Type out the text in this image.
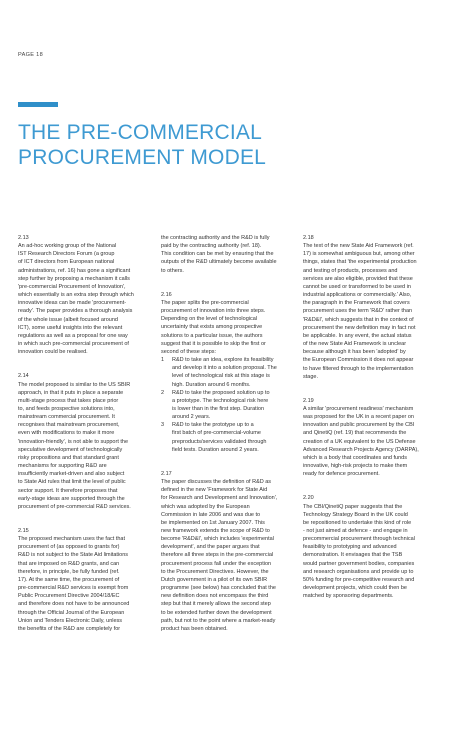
PAGE 18
THE PRE-COMMERCIAL
PROCUREMENT MODEL

2.13

An ad-hoc working group of the National
IST Research Directors Forum (a group
of ICT directors from European national
administrations, ref. 16) has gone a significant
step further by proposing a mechanism it calls
'pre-commercial Procurement of Innovation',
which essentially is an extra step through which
innovative ideas can be made 'procurement-
ready'. The paper provides a thorough analysis
of the whole issue (albeit focused around
ICT), some useful insights into the relevant
regulations as well as a proposal for one way
in which such pre-commercial procurement of
innovation could be realised.

2.14

The model proposed is similar to the US SBIR
approach, in that it puts in place a separate
multi-stage process that takes place prior
to, and feeds prospective solutions into,
mainstream commercial procurement. It
recognises that mainstream procurement,
even with modifications to make it more
'innovation-friendly', is not able to support the
speculative development of technologically
risky propositions and that standard grant
mechanisms for supporting R&D are
insufficiently market-driven and also subject
to State Aid rules that limit the level of public
sector support. It therefore proposes that
early-stage ideas are supported through the
procurement of pre-commercial R&D services.

2.15

The proposed mechanism uses the fact that
procurement of (as opposed to grants for)
R&D is not subject to the State Aid limitations
that are imposed on R&D grants, and can
therefore, in principle, be fully funded (ref.
17). At the same time, the procurement of
pre-commercial R&D services is exempt from
Public Procurement Directive 2004/18/EC
and therefore does not have to be announced
through the Official Journal of the European
Union and Tenders Electronic Daily, unless
the benefits of the R&D are completely for

the contracting authority and the R&D is fully
paid by the contracting authority (ref. 18).
This condition can be met by ensuring that the
outputs of the R&D ultimately become available
to others.

2.16

The paper splits the pre-commercial
procurement of innovation into three steps.
Depending on the level of technological
uncertainty that exists among prospective
solutions to a particular issue, the authors
suggest that it is possible to skip the first or
second of these steps:

1	R&D to take an idea, explore its feasibility
and develop it into a solution proposal. The
level of technological risk at this stage is
high. Duration around 6 months.
2	R&D to take the proposed solution up to
a prototype. The technological risk here
is lower than in the first step. Duration
around 2 years.
3	R&D to take the prototype up to a
first batch of pre-commercial-volume
preproducts/services validated through
field tests. Duration around 2 years.

2.17

The paper discusses the definition of R&D as
defined in the new 'Framework for State Aid
for Research and Development and Innovation',
which was adopted by the European
Commission in late 2006 and was due to
be implemented on 1st January 2007. This
new framework extends the scope of R&D to
become 'R&D&I', which includes 'experimental
development', and the paper argues that
therefore all three steps in the pre-commercial
procurement process fall under the exception
to the Procurement Directives. However, the
Dutch government in a pilot of its own SBIR
programme (see below) has concluded that the
new definition does not encompass the third
step but that it merely allows the second step
to be extended further down the development
path, but not to the point where a market-ready
product has been obtained.

2.18

The text of the new State Aid Framework (ref.
17) is somewhat ambiguous but, among other
things, states that 'the experimental production
and testing of products, processes and
services are also eligible, provided that these
cannot be used or transformed to be used in
industrial applications or commercially.' Also,
the paragraph in the Framework that covers
procurement uses the term 'R&D' rather than
'R&D&I', which suggests that in the context of
procurement the new definition may in fact not
be applicable. In any event, the actual status
of the new State Aid Framework is unclear
because although it has been 'adopted' by
the European Commission it does not appear
to have filtered through to the implementation
stage.

2.19

A similar 'procurement readiness' mechanism
was proposed for the UK in a recent paper on
innovation and public procurement by the CBI
and QinetiQ (ref. 19) that recommends the
creation of a UK equivalent to the US Defense
Advanced Research Projects Agency (DARPA),
which is a body that coordinates and funds
innovative, high-risk projects to make them
ready for defence procurement.

2.20

The CBI/QinetiQ paper suggests that the
Technology Strategy Board in the UK could
be repositioned to undertake this kind of role
- not just aimed at defence - and engage in
precommercial procurement through technical
feasibility to prototyping and advanced
demonstration. It envisages that the TSB
would partner government bodies, companies
and research organisations and provide up to
50% funding for pre-competitive research and
development projects, which could then be
matched by sponsoring departments.
